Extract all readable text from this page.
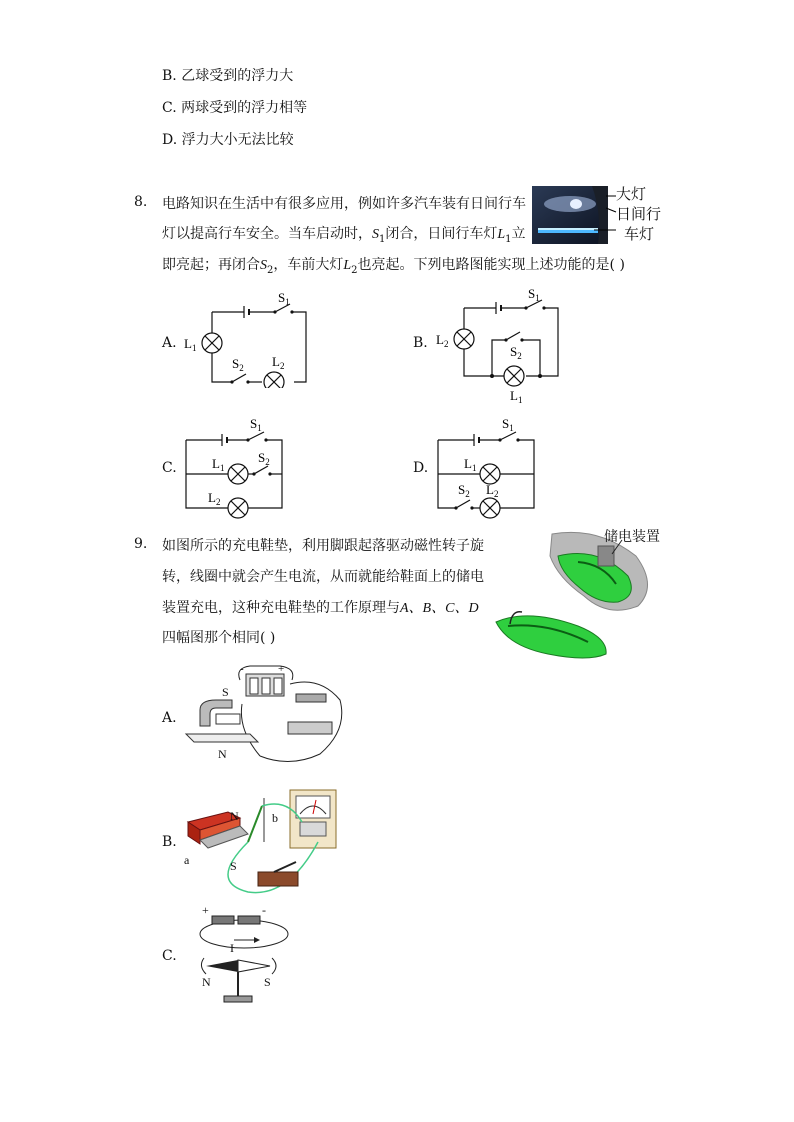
B. 乙球受到的浮力大
C. 两球受到的浮力相等
D. 浮力大小无法比较
8. 电路知识在生活中有很多应用，例如许多汽车装有日间行车
灯以提高行车安全。当车启动时，$S_1$闭合，日间行车灯$L_1$立
即亮起；再闭合$S_2$，车前大灯$L_2$也亮起。下列电路图能实现上述功能的是( )
大灯
日间行
车灯
A.
$S_1$
$L_1$
$S_2$ $L_2$
B.
$S_1$
$L_2$	$S_2$
$L_1$
C.
$S_1$
$L_1$
$S_2$
$L_2$
D.
$S_1$
$L_1$
$S_2$ $L_2$
9. 如图所示的充电鞋垫，利用脚跟起落驱动磁性转子旋
转，线圈中就会产生电流，从而就能给鞋面上的储电
装置充电，这种充电鞋垫的工作原理与A、B、C、D
四幅图那个相同( )
储电装置
A.
S
N
-	+
B.
N	b
a	S
C.
+	-
I
N	S
